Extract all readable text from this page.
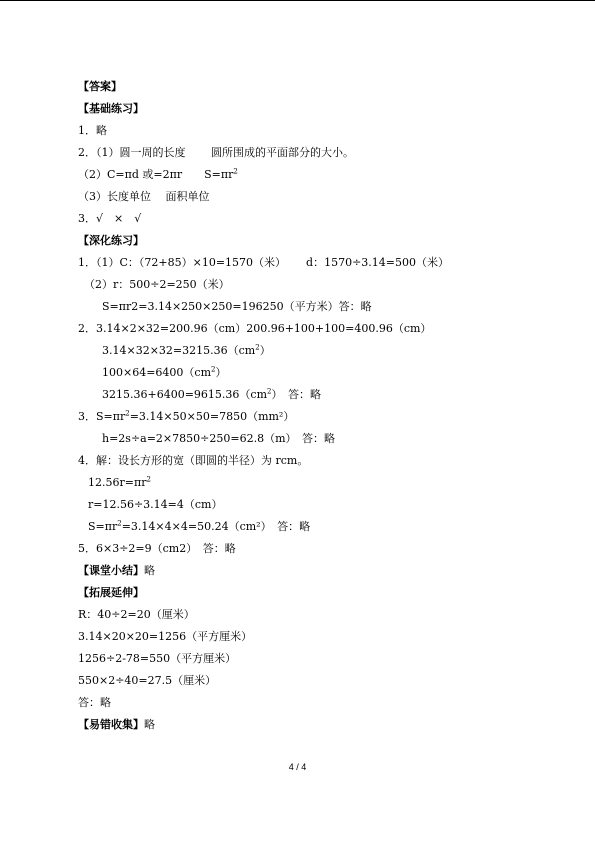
【答案】
【基础练习】
1．略
2．（1）圆一周的长度　　 圆所围成的平面部分的大小。
（2）C=πd 或=2πr　　$S=\pi r^2$
（3）长度单位　 面积单位
3．√　×　√
【深化练习】
1．（1）C：（72+85）×10=1570（米）　　 d：1570÷3.14=500（米）
（2）r：500÷2=250（米）
S=πr2=3.14×250×250=196250（平方米）答：略
2．3.14×2×32=200.96（cm）200.96+100+100=400.96（cm）
$3.14\times 32\times 32=3215.36(cm^2)$
$100\times 64=6400(cm^2)$
$3215.36+6400=9615.36(cm^2)$　答：略
3．$S=\pi r^2=3.14\times 50\times 50=7850(mm^2)$
h=2s÷a=2×7850÷250=62.8（m）　答：略
4．解：设长方形的宽（即圆的半径）为 rcm。
$12.56r=\pi r^2$
r=12.56÷3.14=4（cm）
$S=\pi r^2=3.14\times 4\times 4=50.24(cm^2)$　答：略
5．6×3÷2=9（cm2）　答：略
【课堂小结】略
【拓展延伸】
R：40÷2=20（厘米）
3.14×20×20=1256（平方厘米）
1256÷2-78=550（平方厘米）
550×2÷40=27.5（厘米）
答：略
【易错收集】略
4 / 4
